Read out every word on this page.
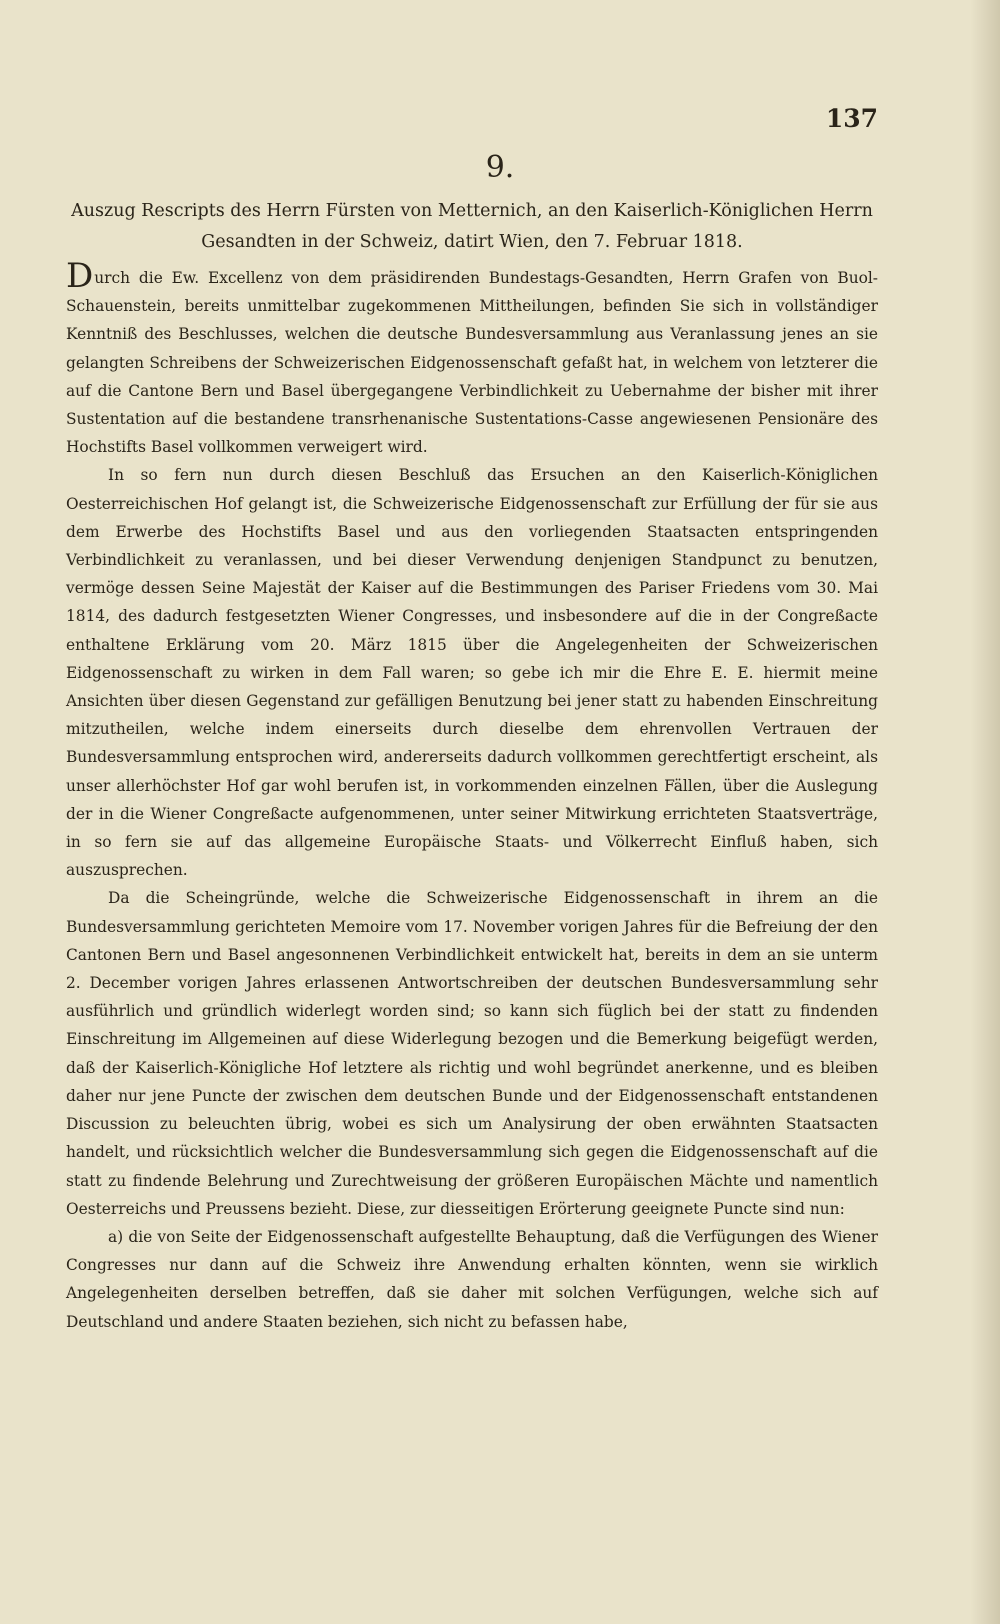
137
9.

Auszug Rescripts des Herrn Fürsten von Metternich, an den Kaiserlich-Königlichen Herrn Gesandten in der Schweiz, datirt Wien, den 7. Februar 1818.

Durch die Ew. Excellenz von dem präsidirenden Bundestags-Gesandten, Herrn Grafen von Buol-Schauenstein, bereits unmittelbar zugekommenen Mittheilungen, befinden Sie sich in vollständiger Kenntniß des Beschlusses, welchen die deutsche Bundesversammlung aus Veranlassung jenes an sie gelangten Schreibens der Schweizerischen Eidgenossenschaft gefaßt hat, in welchem von letzterer die auf die Cantone Bern und Basel übergegangene Verbindlichkeit zu Uebernahme der bisher mit ihrer Sustentation auf die bestandene transrhenanische Sustentations-Casse angewiesenen Pensionäre des Hochstifts Basel vollkommen verweigert wird.

In so fern nun durch diesen Beschluß das Ersuchen an den Kaiserlich-Königlichen Oesterreichischen Hof gelangt ist, die Schweizerische Eidgenossenschaft zur Erfüllung der für sie aus dem Erwerbe des Hochstifts Basel und aus den vorliegenden Staatsacten entspringenden Verbindlichkeit zu veranlassen, und bei dieser Verwendung denjenigen Standpunct zu benutzen, vermöge dessen Seine Majestät der Kaiser auf die Bestimmungen des Pariser Friedens vom 30. Mai 1814, des dadurch festgesetzten Wiener Congresses, und insbesondere auf die in der Congreßacte enthaltene Erklärung vom 20. März 1815 über die Angelegenheiten der Schweizerischen Eidgenossenschaft zu wirken in dem Fall waren; so gebe ich mir die Ehre E. E. hiermit meine Ansichten über diesen Gegenstand zur gefälligen Benutzung bei jener statt zu habenden Einschreitung mitzutheilen, welche indem einerseits durch dieselbe dem ehrenvollen Vertrauen der Bundesversammlung entsprochen wird, andererseits dadurch vollkommen gerechtfertigt erscheint, als unser allerhöchster Hof gar wohl berufen ist, in vorkommenden einzelnen Fällen, über die Auslegung der in die Wiener Congreßacte aufgenommenen, unter seiner Mitwirkung errichteten Staatsverträge, in so fern sie auf das allgemeine Europäische Staats- und Völkerrecht Einfluß haben, sich auszusprechen.

Da die Scheingründe, welche die Schweizerische Eidgenossenschaft in ihrem an die Bundesversammlung gerichteten Memoire vom 17. November vorigen Jahres für die Befreiung der den Cantonen Bern und Basel angesonnenen Verbindlichkeit entwickelt hat, bereits in dem an sie unterm 2. December vorigen Jahres erlassenen Antwortschreiben der deutschen Bundesversammlung sehr ausführlich und gründlich widerlegt worden sind; so kann sich füglich bei der statt zu findenden Einschreitung im Allgemeinen auf diese Widerlegung bezogen und die Bemerkung beigefügt werden, daß der Kaiserlich-Königliche Hof letztere als richtig und wohl begründet anerkenne, und es bleiben daher nur jene Puncte der zwischen dem deutschen Bunde und der Eidgenossenschaft entstandenen Discussion zu beleuchten übrig, wobei es sich um Analysirung der oben erwähnten Staatsacten handelt, und rücksichtlich welcher die Bundesversammlung sich gegen die Eidgenossenschaft auf die statt zu findende Belehrung und Zurechtweisung der größeren Europäischen Mächte und namentlich Oesterreichs und Preussens bezieht. Diese, zur diesseitigen Erörterung geeignete Puncte sind nun:

a) die von Seite der Eidgenossenschaft aufgestellte Behauptung, daß die Verfügungen des Wiener Congresses nur dann auf die Schweiz ihre Anwendung erhalten könnten, wenn sie wirklich Angelegenheiten derselben betreffen, daß sie daher mit solchen Verfügungen, welche sich auf Deutschland und andere Staaten beziehen, sich nicht zu befassen habe,
